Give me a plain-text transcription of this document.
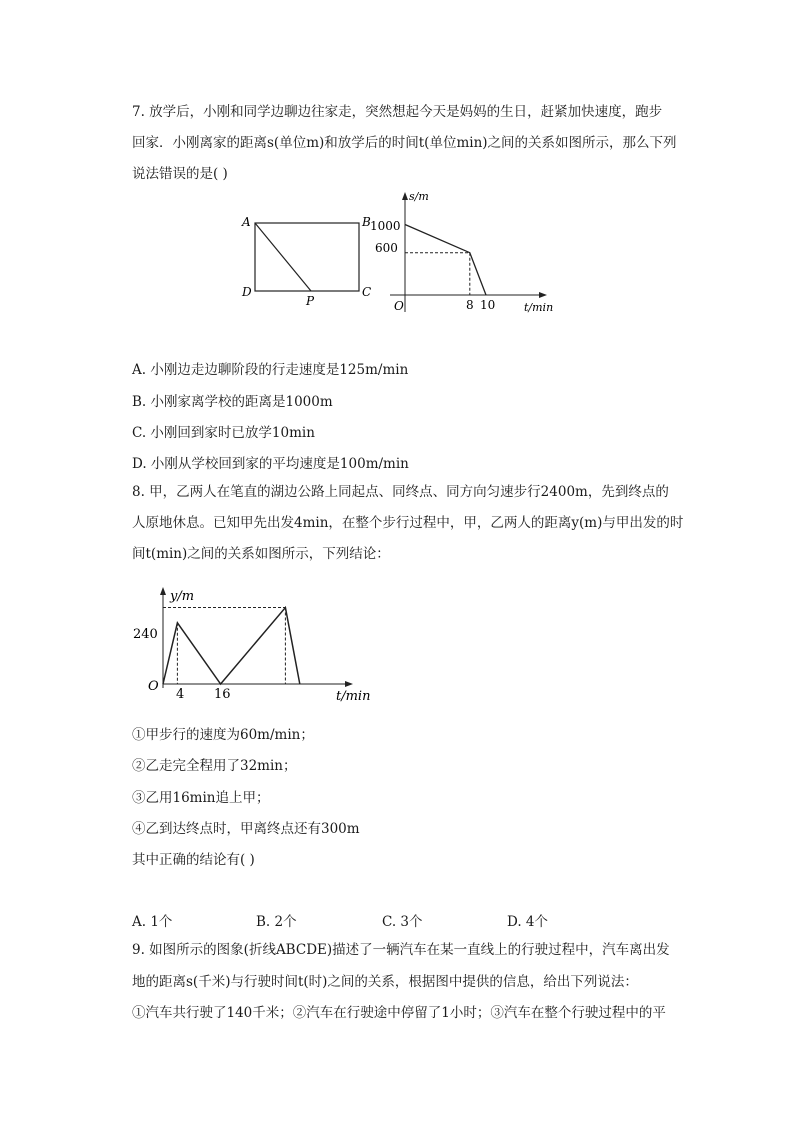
7. 放学后，小刚和同学边聊边往家走，突然想起今天是妈妈的生日，赶紧加快速度，跑步
回家．小刚离家的距离s(单位m)和放学后的时间t(单位min)之间的关系如图所示，那么下列
说法错误的是( )
A	B
D	C
P
s/m
t/min
O
1000
600
8 10
A. 小刚边走边聊阶段的行走速度是125m/min
B. 小刚家离学校的距离是1000m
C. 小刚回到家时已放学10min
D. 小刚从学校回到家的平均速度是100m/min
8. 甲，乙两人在笔直的湖边公路上同起点、同终点、同方向匀速步行2400m，先到终点的
人原地休息。已知甲先出发4min，在整个步行过程中，甲，乙两人的距离y(m)与甲出发的时
间t(min)之间的关系如图所示，下列结论：
y/m
t/min
O
240
4 16
①甲步行的速度为60m/min；
②乙走完全程用了32min；
③乙用16min追上甲；
④乙到达终点时，甲离终点还有300m
其中正确的结论有( )
A. 1个	B. 2个	C. 3个	D. 4个
9. 如图所示的图象(折线ABCDE)描述了一辆汽车在某一直线上的行驶过程中，汽车离出发
地的距离s(千米)与行驶时间t(时)之间的关系，根据图中提供的信息，给出下列说法：
①汽车共行驶了140千米；②汽车在行驶途中停留了1小时；③汽车在整个行驶过程中的平
